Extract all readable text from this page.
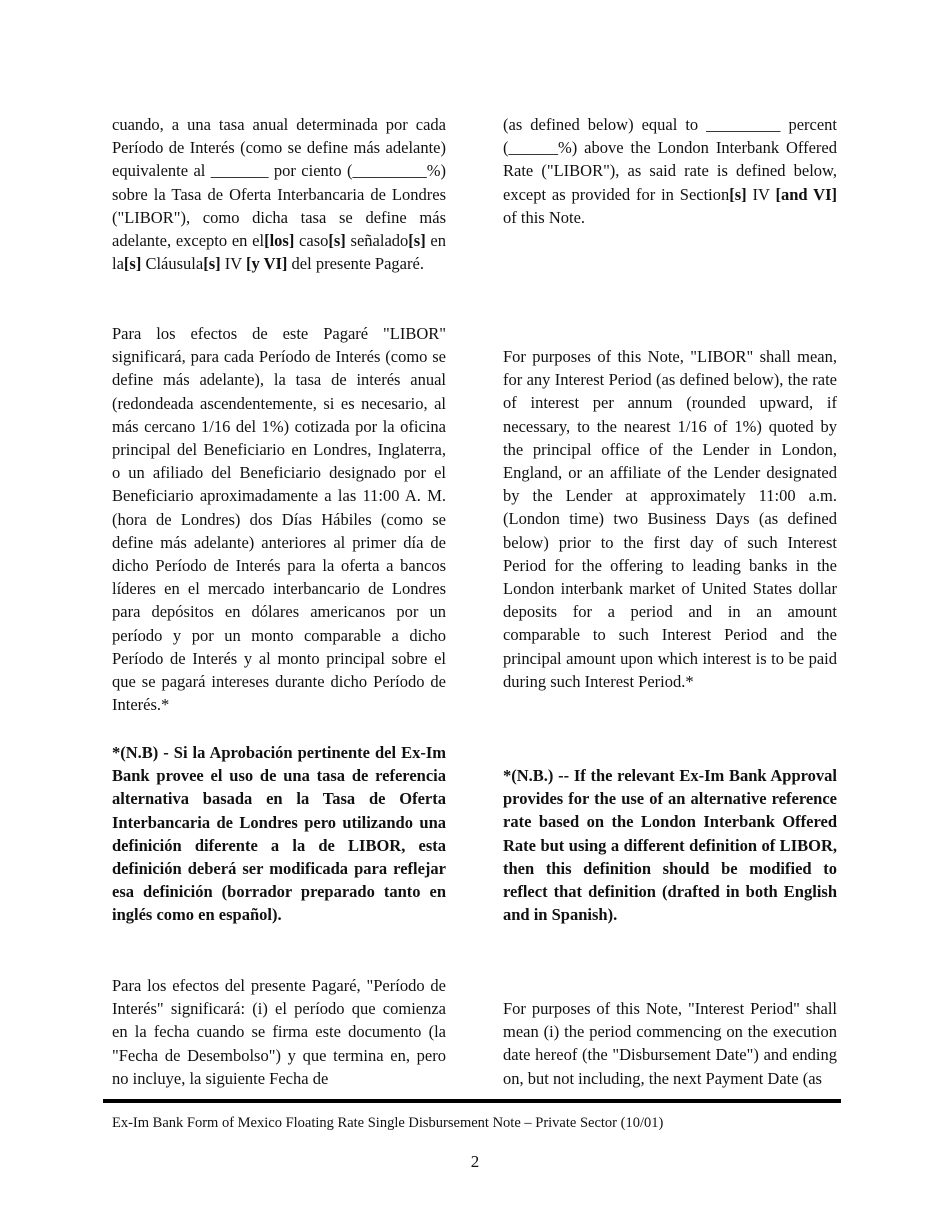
cuando, a una tasa anual determinada por cada Período de Interés (como se define más adelante) equivalente al _______ por ciento (_________%) sobre la Tasa de Oferta Interbancaria de Londres ("LIBOR"), como dicha tasa se define más adelante, excepto en el[los] caso[s] señalado[s] en la[s] Cláusula[s] IV [y VI] del presente Pagaré.

Para los efectos de este Pagaré "LIBOR" significará, para cada Período de Interés (como se define más adelante), la tasa de interés anual (redondeada ascendentemente, si es necesario, al más cercano 1/16 del 1%) cotizada por la oficina principal del Beneficiario en Londres, Inglaterra, o un afiliado del Beneficiario designado por el Beneficiario aproximadamente a las 11:00 A. M. (hora de Londres) dos Días Hábiles (como se define más adelante) anteriores al primer día de dicho Período de Interés para la oferta a bancos líderes en el mercado interbancario de Londres para depósitos en dólares americanos por un período y por un monto comparable a dicho Período de Interés y al monto principal sobre el que se pagará intereses durante dicho Período de Interés.*

*(N.B) - Si la Aprobación pertinente del Ex-Im Bank provee el uso de una tasa de referencia alternativa basada en la Tasa de Oferta Interbancaria de Londres pero utilizando una definición diferente a la de LIBOR, esta definición deberá ser modificada para reflejar esa definición (borrador preparado tanto en inglés como en español).

Para los efectos del presente Pagaré, "Período de Interés" significará: (i) el período que comienza en la fecha cuando se firma este documento (la "Fecha de Desembolso") y que termina en, pero no incluye, la siguiente Fecha de

(as defined below) equal to _________ percent (______%) above the London Interbank Offered Rate ("LIBOR"), as said rate is defined below, except as provided for in Section[s] IV [and VI] of this Note.

For purposes of this Note, "LIBOR" shall mean, for any Interest Period (as defined below), the rate of interest per annum (rounded upward, if necessary, to the nearest 1/16 of 1%) quoted by the principal office of the Lender in London, England, or an affiliate of the Lender designated by the Lender at approximately 11:00 a.m. (London time) two Business Days (as defined below) prior to the first day of such Interest Period for the offering to leading banks in the London interbank market of United States dollar deposits for a period and in an amount comparable to such Interest Period and the principal amount upon which interest is to be paid during such Interest Period.*

*(N.B.) -- If the relevant Ex-Im Bank Approval provides for the use of an alternative reference rate based on the London Interbank Offered Rate but using a different definition of LIBOR, then this definition should be modified to reflect that definition (drafted in both English and in Spanish).

For purposes of this Note, "Interest Period" shall mean (i) the period commencing on the execution date hereof (the "Disbursement Date") and ending on, but not including, the next Payment Date (as

Ex-Im Bank Form of Mexico Floating Rate Single Disbursement Note – Private Sector (10/01)
2
